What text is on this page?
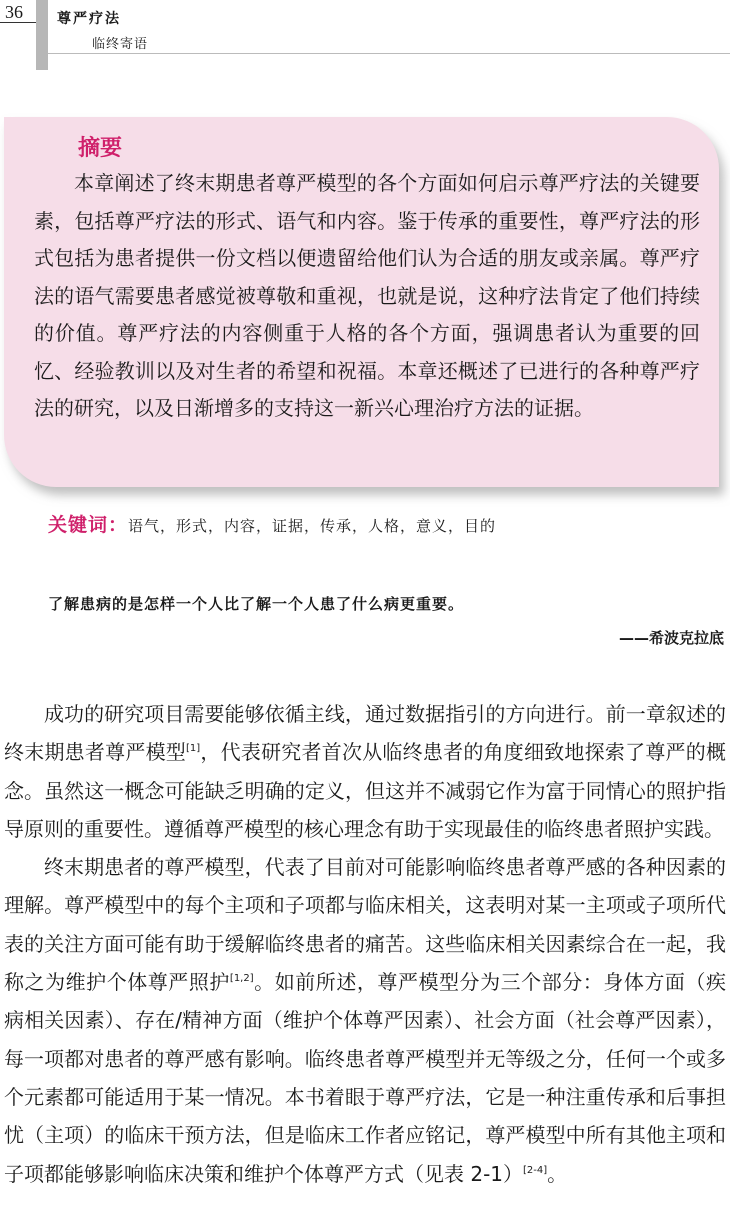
36 尊严疗法
临终寄语
摘要

本章阐述了终末期患者尊严模型的各个方面如何启示尊严疗法的关键要素，包括尊严疗法的形式、语气和内容。鉴于传承的重要性，尊严疗法的形式包括为患者提供一份文档以便遗留给他们认为合适的朋友或亲属。尊严疗法的语气需要患者感觉被尊敬和重视，也就是说，这种疗法肯定了他们持续的价值。尊严疗法的内容侧重于人格的各个方面，强调患者认为重要的回忆、经验教训以及对生者的希望和祝福。本章还概述了已进行的各种尊严疗法的研究，以及日渐增多的支持这一新兴心理治疗方法的证据。

关键词：语气，形式，内容，证据，传承，人格，意义，目的
了解患病的是怎样一个人比了解一个人患了什么病更重要。
——希波克拉底

成功的研究项目需要能够依循主线，通过数据指引的方向进行。前一章叙述的终末期患者尊严模型[1]，代表研究者首次从临终患者的角度细致地探索了尊严的概念。虽然这一概念可能缺乏明确的定义，但这并不减弱它作为富于同情心的照护指导原则的重要性。遵循尊严模型的核心理念有助于实现最佳的临终患者照护实践。

终末期患者的尊严模型，代表了目前对可能影响临终患者尊严感的各种因素的理解。尊严模型中的每个主项和子项都与临床相关，这表明对某一主项或子项所代表的关注方面可能有助于缓解临终患者的痛苦。这些临床相关因素综合在一起，我称之为维护个体尊严照护[1,2]。如前所述，尊严模型分为三个部分：身体方面（疾病相关因素）、存在/精神方面（维护个体尊严因素）、社会方面（社会尊严因素），每一项都对患者的尊严感有影响。临终患者尊严模型并无等级之分，任何一个或多个元素都可能适用于某一情况。本书着眼于尊严疗法，它是一种注重传承和后事担忧（主项）的临床干预方法，但是临床工作者应铭记，尊严模型中所有其他主项和子项都能够影响临床决策和维护个体尊严方式（见表 2-1）[2-4]。
